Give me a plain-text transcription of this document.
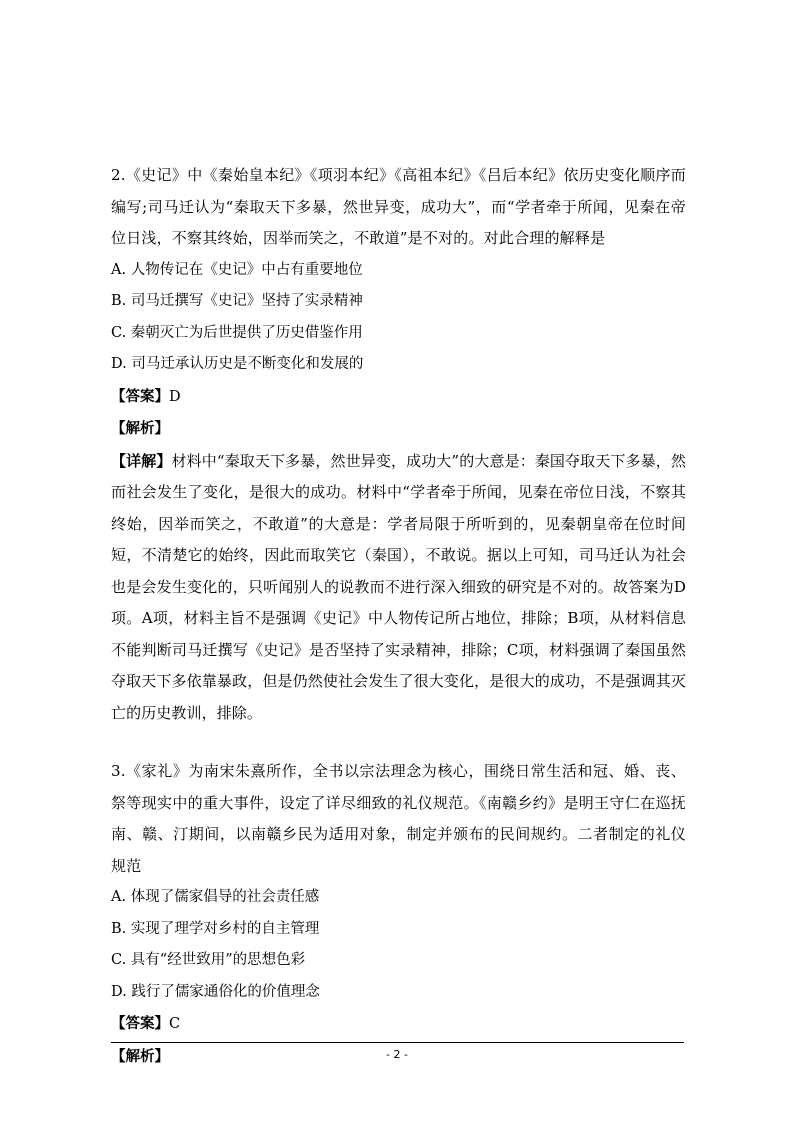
2.《史记》中《秦始皇本纪》《项羽本纪》《高祖本纪》《吕后本纪》依历史变化顺序而编写;司马迁认为“秦取天下多暴，然世异变，成功大”，而“学者牵于所闻，见秦在帝位日浅，不察其终始，因举而笑之，不敢道”是不对的。对此合理的解释是

A. 人物传记在《史记》中占有重要地位

B. 司马迁撰写《史记》坚持了实录精神

C. 秦朝灭亡为后世提供了历史借鉴作用

D. 司马迁承认历史是不断变化和发展的

【答案】D

【解析】

【详解】材料中“秦取天下多暴，然世异变，成功大”的大意是：秦国夺取天下多暴，然而社会发生了变化，是很大的成功。材料中“学者牵于所闻，见秦在帝位日浅，不察其终始，因举而笑之，不敢道”的大意是：学者局限于所听到的，见秦朝皇帝在位时间短，不清楚它的始终，因此而取笑它（秦国），不敢说。据以上可知，司马迁认为社会也是会发生变化的，只听闻别人的说教而不进行深入细致的研究是不对的。故答案为D项。A项，材料主旨不是强调《史记》中人物传记所占地位，排除；B项，从材料信息不能判断司马迁撰写《史记》是否坚持了实录精神，排除；C项，材料强调了秦国虽然夺取天下多依靠暴政，但是仍然使社会发生了很大变化，是很大的成功，不是强调其灭亡的历史教训，排除。

3.《家礼》为南宋朱熹所作，全书以宗法理念为核心，围绕日常生活和冠、婚、丧、祭等现实中的重大事件，设定了详尽细致的礼仪规范。《南赣乡约》是明王守仁在巡抚南、赣、汀期间，以南赣乡民为适用对象，制定并颁布的民间规约。二者制定的礼仪规范

A. 体现了儒家倡导的社会责任感

B. 实现了理学对乡村的自主管理

C. 具有“经世致用”的思想色彩

D. 践行了儒家通俗化的价值理念

【答案】C

【解析】	- 2 -
